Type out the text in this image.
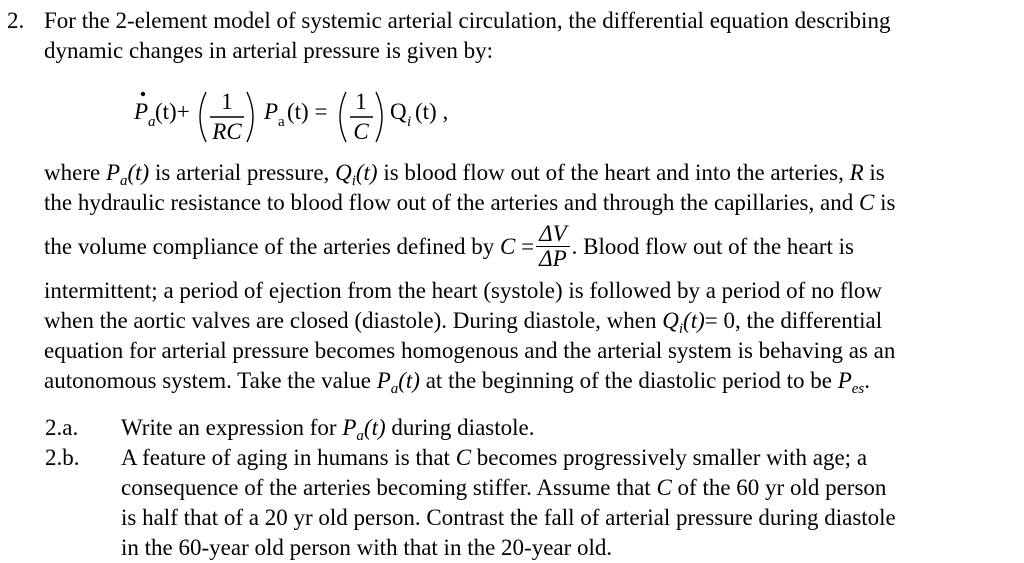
2. For the 2-element model of systemic arterial circulation, the differential equation describing
dynamic changes in arterial pressure is given by:
P a (t)+ 1
RC
P a (t) = 1
C
Q i (t) ,
where $P_a(t)$ is arterial pressure, $Q_i(t)$ is blood flow out of the heart and into the arteries, R is
the hydraulic resistance to blood flow out of the arteries and through the capillaries, and C is
the volume compliance of the arteries defined by $C = \frac{\Delta V}{\Delta P}$ . Blood flow out of the heart is
intermittent; a period of ejection from the heart (systole) is followed by a period of no flow
when the aortic valves are closed (diastole). During diastole, when $Q_i(t)= 0$, the differential
equation for arterial pressure becomes homogenous and the arterial system is behaving as an
autonomous system. Take the value $P_a(t)$ at the beginning of the diastolic period to be $P_{es}$.
2.a. Write an expression for $P_a(t)$ during diastole.
2.b. A feature of aging in humans is that C becomes progressively smaller with age; a
consequence of the arteries becoming stiffer. Assume that C of the 60 yr old person
is half that of a 20 yr old person. Contrast the fall of arterial pressure during diastole
in the 60-year old person with that in the 20-year old.
